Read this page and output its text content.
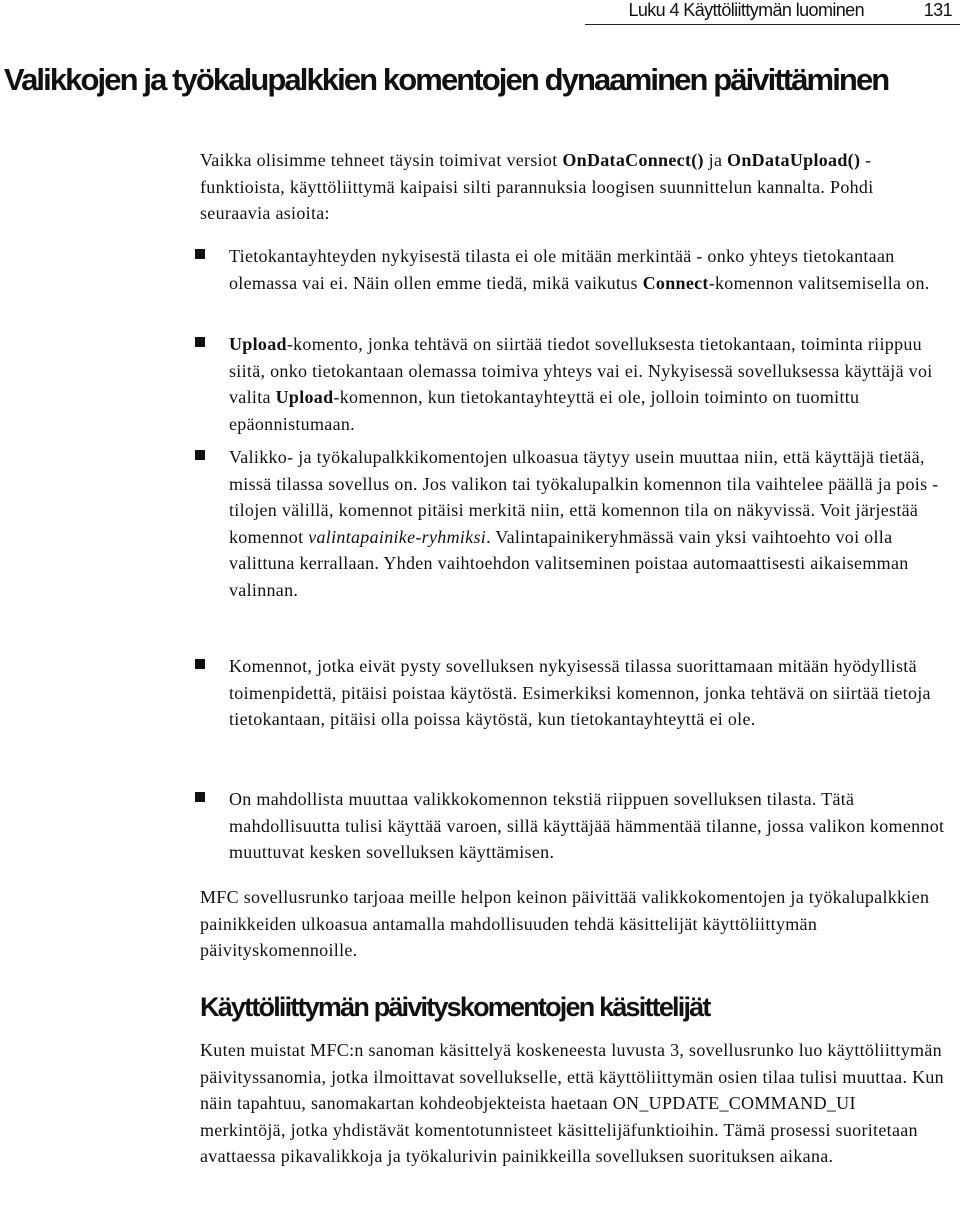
Luku 4 Käyttöliittymän luominen	131
Valikkojen ja työkalupalkkien komentojen dynaaminen päivittäminen

Vaikka olisimme tehneet täysin toimivat versiot OnDataConnect() ja OnDataUpload() -funktioista, käyttöliittymä kaipaisi silti parannuksia loogisen suunnittelun kannalta. Pohdi seuraavia asioita:

Tietokantayhteyden nykyisestä tilasta ei ole mitään merkintää - onko yhteys tietokantaan olemassa vai ei. Näin ollen emme tiedä, mikä vaikutus Connect-komennon valitsemisella on.
Upload-komento, jonka tehtävä on siirtää tiedot sovelluksesta tietokantaan, toiminta riippuu siitä, onko tietokantaan olemassa toimiva yhteys vai ei. Nykyisessä sovelluksessa käyttäjä voi valita Upload-komennon, kun tietokantayhteyttä ei ole, jolloin toiminto on tuomittu epäonnistumaan.
Valikko- ja työkalupalkkikomentojen ulkoasua täytyy usein muuttaa niin, että käyttäjä tietää, missä tilassa sovellus on. Jos valikon tai työkalupalkin komennon tila vaihtelee päällä ja pois -tilojen välillä, komennot pitäisi merkitä niin, että komennon tila on näkyvissä. Voit järjestää komennot valintapainike-ryhmiksi. Valintapainikeryhmässä vain yksi vaihtoehto voi olla valittuna kerrallaan. Yhden vaihtoehdon valitseminen poistaa automaattisesti aikaisemman valinnan.
Komennot, jotka eivät pysty sovelluksen nykyisessä tilassa suorittamaan mitään hyödyllistä toimenpidettä, pitäisi poistaa käytöstä. Esimerkiksi komennon, jonka tehtävä on siirtää tietoja tietokantaan, pitäisi olla poissa käytöstä, kun tietokantayhteyttä ei ole.
On mahdollista muuttaa valikkokomennon tekstiä riippuen sovelluksen tilasta. Tätä mahdollisuutta tulisi käyttää varoen, sillä käyttäjää hämmentää tilanne, jossa valikon komennot muuttuvat kesken sovelluksen käyttämisen.

MFC sovellusrunko tarjoaa meille helpon keinon päivittää valikkokomentojen ja työkalupalkkien painikkeiden ulkoasua antamalla mahdollisuuden tehdä käsittelijät käyttöliittymän päivityskomennoille.

Käyttöliittymän päivityskomentojen käsittelijät

Kuten muistat MFC:n sanoman käsittelyä koskeneesta luvusta 3, sovellusrunko luo käyttöliittymän päivityssanomia, jotka ilmoittavat sovellukselle, että käyttöliittymän osien tilaa tulisi muuttaa. Kun näin tapahtuu, sanomakartan kohdeobjekteista haetaan ON_UPDATE_COMMAND_UI merkintöjä, jotka yhdistävät komentotunnisteet käsittelijäfunktioihin. Tämä prosessi suoritetaan avattaessa pikavalikkoja ja työkalurivin painikkeilla sovelluksen suorituksen aikana.
